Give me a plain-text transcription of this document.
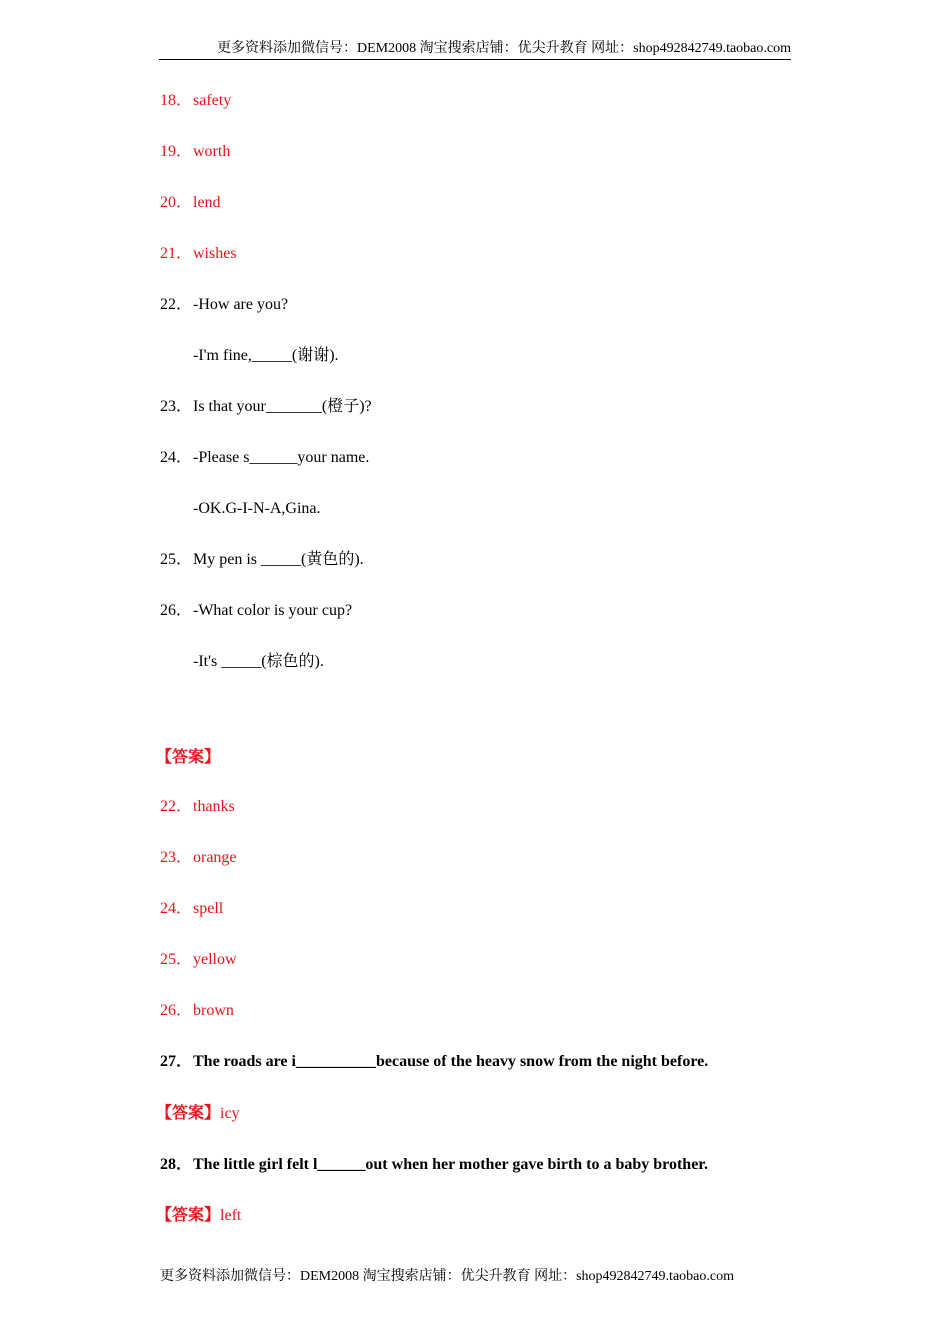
更多资料添加微信号：DEM2008 淘宝搜索店铺：优尖升教育 网址：shop492842749.taobao.com
18．safety
19．worth
20．lend
21．wishes
22．-How are you?
-I'm fine,_____(谢谢).
23．Is that your_______(橙子)?
24．-Please s______your name.
-OK.G-I-N-A,Gina.
25．My pen is _____(黄色的).
26．-What color is your cup?
-It's _____(棕色的).
【答案】
22．thanks
23．orange
24．spell
25．yellow
26．brown
27．The roads are i__________because of the heavy snow from the night before.
【答案】icy
28．The little girl felt l______out when her mother gave birth to a baby brother.
【答案】left
更多资料添加微信号：DEM2008 淘宝搜索店铺：优尖升教育 网址：shop492842749.taobao.com
